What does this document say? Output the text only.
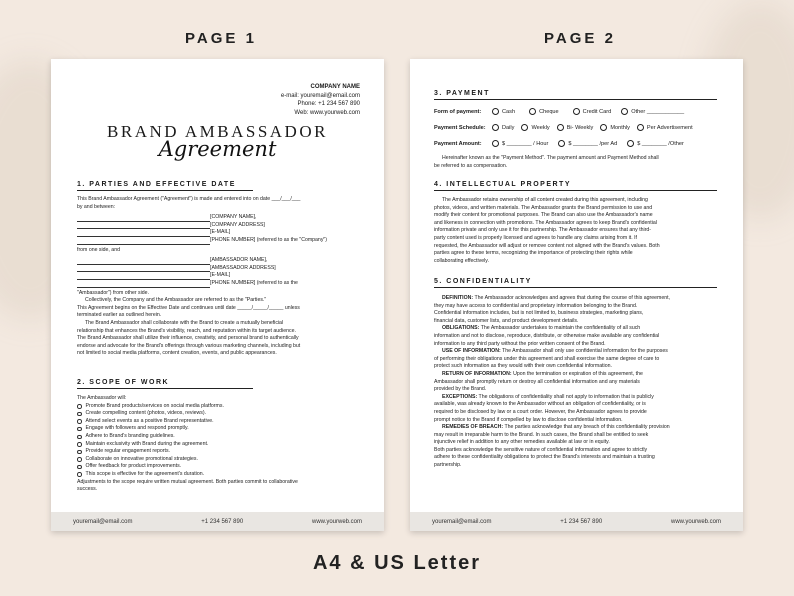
PAGE 1	PAGE 2
COMPANY NAME
e-mail: youremail@email.com
Phone: +1 234 567 890
Web: www.yourweb.com
BRAND AMBASSADOR
Agreement
1. PARTIES AND EFFECTIVE DATE

This Brand Ambassador Agreement ("Agreement") is made and entered into on date ___/___/___

by and between:

[COMPANY NAME],
[COMPANY ADDRESS]
[E-MAIL]
[PHONE NUMBER] (referred to as the "Company")

from one side, and

[AMBASSADOR NAME],
[AMBASSADOR ADDRESS]
[E-MAIL]
[PHONE NUMBER] (referred to as the

"Ambassador") from other side.

Collectively, the Company and the Ambassador are referred to as the "Parties."

This Agreement begins on the Effective Date and continues until date _____/_____/_____ unless

terminated earlier as outlined herein.

The Brand Ambassador shall collaborate with the Brand to create a mutually beneficial

relationship that enhances the Brand's visibility, reach, and reputation within its target audience.

The Brand Ambassador shall utilize their influence, creativity, and personal brand to authentically

endorse and advocate for the Brand's offerings through various marketing channels, including but

not limited to social media platforms, content creation, events, and public appearances.

2. SCOPE OF WORK

The Ambassador will:

Promote Brand products/services on social media platforms.
Create compelling content (photos, videos, reviews).
Attend select events as a positive Brand representative.
Engage with followers and respond promptly.
Adhere to Brand's branding guidelines.
Maintain exclusivity with Brand during the agreement.
Provide regular engagement reports.
Collaborate on innovative promotional strategies.
Offer feedback for product improvements.
This scope is effective for the agreement's duration.

Adjustments to the scope require written mutual agreement. Both parties commit to collaborative

success.

youremail@email.com	+1 234 567 890	www.yourweb.com
3. PAYMENT
Form of payment:	Cash	Cheque	Credit Card	Other ____________
Payment Schedule:	Daily	Weekly	Bi- Weekly	Monthly	Per Advertisement
Payment Amount:	$ ________ / Hour	$ ________ /per Ad	$ ________ /Other

Hereinafter known as the "Payment Method". The payment amount and Payment Method shall

be referred to as compensation.

4. INTELLECTUAL PROPERTY

The Ambassador retains ownership of all content created during this agreement, including

photos, videos, and written materials. The Ambassador grants the Brand permission to use and

modify their content for promotional purposes. The Brand can also use the Ambassador's name

and likeness in connection with promotions. The Ambassador agrees to keep Brand's confidential

information private and only use it for this partnership. The Ambassador ensures that any third-

party content used is properly licensed and agrees to handle any claims arising from it. If

requested, the Ambassador will adjust or remove content not aligned with the Brand's values. Both

parties agree to these terms, recognizing the importance of protecting their rights while

collaborating effectively.

5. CONFIDENTIALITY

DEFINITION: The Ambassador acknowledges and agrees that during the course of this agreement,

they may have access to confidential and proprietary information belonging to the Brand.

Confidential information includes, but is not limited to, business strategies, marketing plans,

financial data, customer lists, and product development details.

OBLIGATIONS: The Ambassador undertakes to maintain the confidentiality of all such

information and not to disclose, reproduce, distribute, or otherwise make available any confidential

information to any third party without the prior written consent of the Brand.

USE OF INFORMATION: The Ambassador shall only use confidential information for the purposes

of performing their obligations under this agreement and shall exercise the same degree of care to

protect such information as they would with their own confidential information.

RETURN OF INFORMATION: Upon the termination or expiration of this agreement, the

Ambassador shall promptly return or destroy all confidential information and any materials

provided by the Brand.

EXCEPTIONS: The obligations of confidentiality shall not apply to information that is publicly

available, was already known to the Ambassador without an obligation of confidentiality, or is

required to be disclosed by law or a court order. However, the Ambassador agrees to provide

prompt notice to the Brand if compelled by law to disclose confidential information.

REMEDIES OF BREACH: The parties acknowledge that any breach of this confidentiality provision

may result in irreparable harm to the Brand. In such cases, the Brand shall be entitled to seek

injunctive relief in addition to any other remedies available at law or in equity.

Both parties acknowledge the sensitive nature of confidential information and agree to strictly

adhere to these confidentiality obligations to protect the Brand's interests and maintain a trusting

partnership.

youremail@email.com	+1 234 567 890	www.yourweb.com
A4 & US Letter
